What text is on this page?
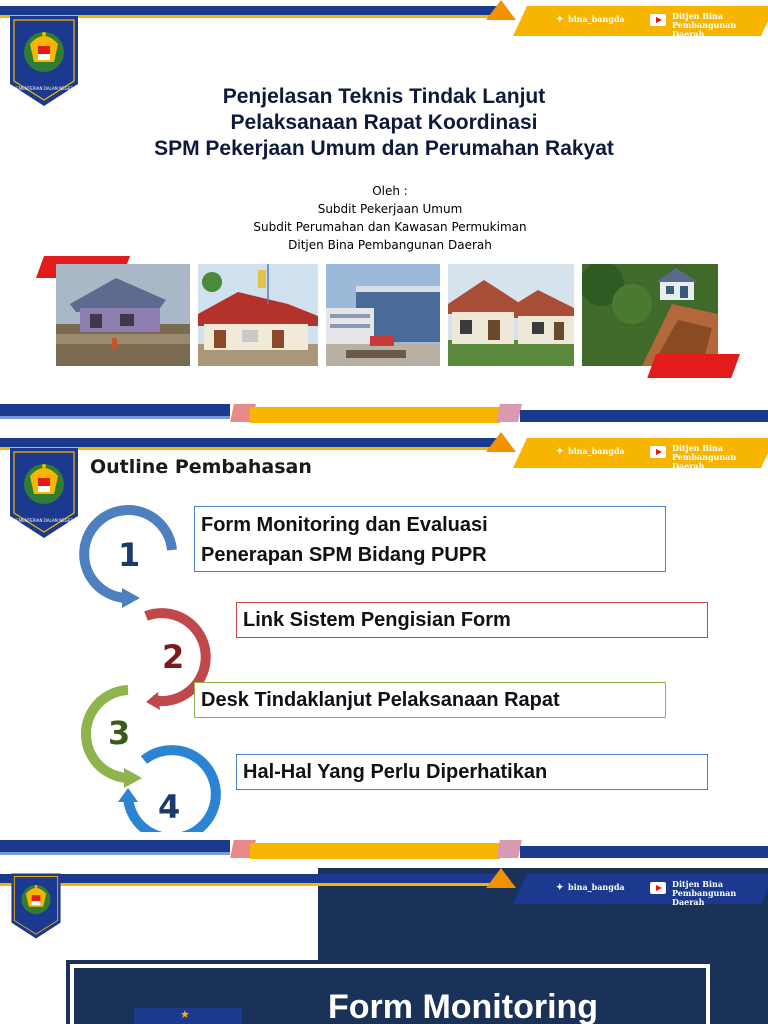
✦ bina_bangda	Ditjen Bina
Pembangunan Daerah
KEMENTERIAN DALAM NEGERI	Penjelasan Teknis Tindak Lanjut
Pelaksanaan Rapat Koordinasi
SPM Pekerjaan Umum dan Perumahan Rakyat
Oleh :
Subdit Pekerjaan Umum
Subdit Perumahan dan Kawasan Permukiman
Ditjen Bina Pembangunan Daerah
✦ bina_bangda	Ditjen Bina
Pembangunan Daerah
KEMENTERIAN DALAM NEGERI
Outline Pembahasan
1
2
3
4
Form Monitoring dan Evaluasi
Penerapan SPM Bidang PUPR
Link Sistem Pengisian Form
Desk Tindaklanjut Pelaksanaan Rapat
Hal-Hal Yang Perlu Diperhatikan
✦ bina_bangda	Ditjen Bina
Pembangunan Daerah
★	Form Monitoring
